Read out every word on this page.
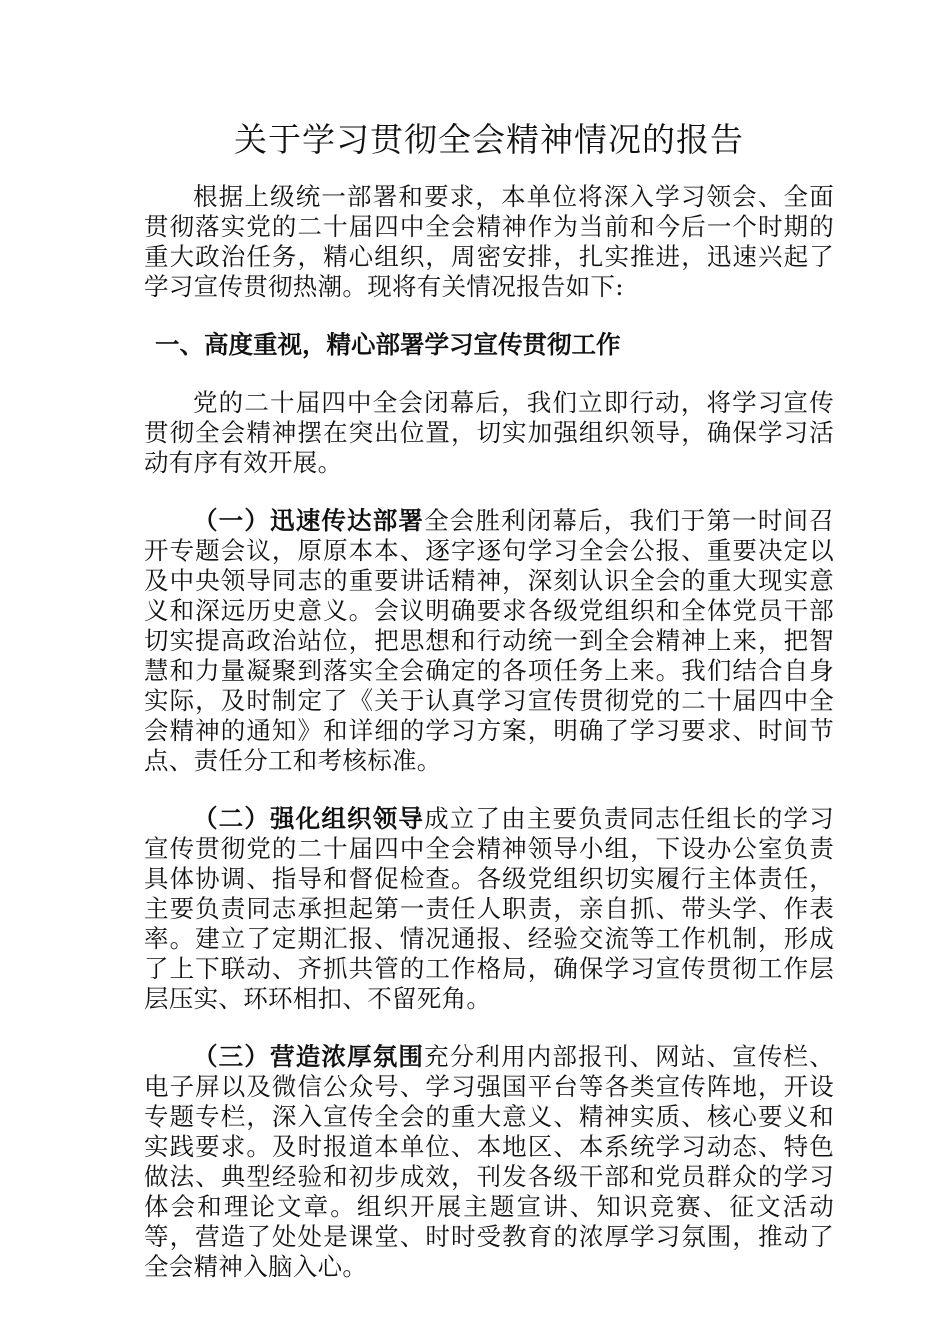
关于学习贯彻全会精神情况的报告

根据上级统一部署和要求，本单位将深入学习领会、全面贯彻落实党的二十届四中全会精神作为当前和今后一个时期的重大政治任务，精心组织，周密安排，扎实推进，迅速兴起了学习宣传贯彻热潮。现将有关情况报告如下:

一、高度重视，精心部署学习宣传贯彻工作

党的二十届四中全会闭幕后，我们立即行动，将学习宣传贯彻全会精神摆在突出位置，切实加强组织领导，确保学习活动有序有效开展。

（一）迅速传达部署全会胜利闭幕后，我们于第一时间召开专题会议，原原本本、逐字逐句学习全会公报、重要决定以及中央领导同志的重要讲话精神，深刻认识全会的重大现实意义和深远历史意义。会议明确要求各级党组织和全体党员干部切实提高政治站位，把思想和行动统一到全会精神上来，把智慧和力量凝聚到落实全会确定的各项任务上来。我们结合自身实际，及时制定了《关于认真学习宣传贯彻党的二十届四中全会精神的通知》和详细的学习方案，明确了学习要求、时间节点、责任分工和考核标准。

（二）强化组织领导成立了由主要负责同志任组长的学习宣传贯彻党的二十届四中全会精神领导小组，下设办公室负责具体协调、指导和督促检查。各级党组织切实履行主体责任，主要负责同志承担起第一责任人职责，亲自抓、带头学、作表率。建立了定期汇报、情况通报、经验交流等工作机制，形成了上下联动、齐抓共管的工作格局，确保学习宣传贯彻工作层层压实、环环相扣、不留死角。

（三）营造浓厚氛围充分利用内部报刊、网站、宣传栏、电子屏以及微信公众号、学习强国平台等各类宣传阵地，开设专题专栏，深入宣传全会的重大意义、精神实质、核心要义和实践要求。及时报道本单位、本地区、本系统学习动态、特色做法、典型经验和初步成效，刊发各级干部和党员群众的学习体会和理论文章。组织开展主题宣讲、知识竞赛、征文活动等，营造了处处是课堂、时时受教育的浓厚学习氛围，推动了全会精神入脑入心。
